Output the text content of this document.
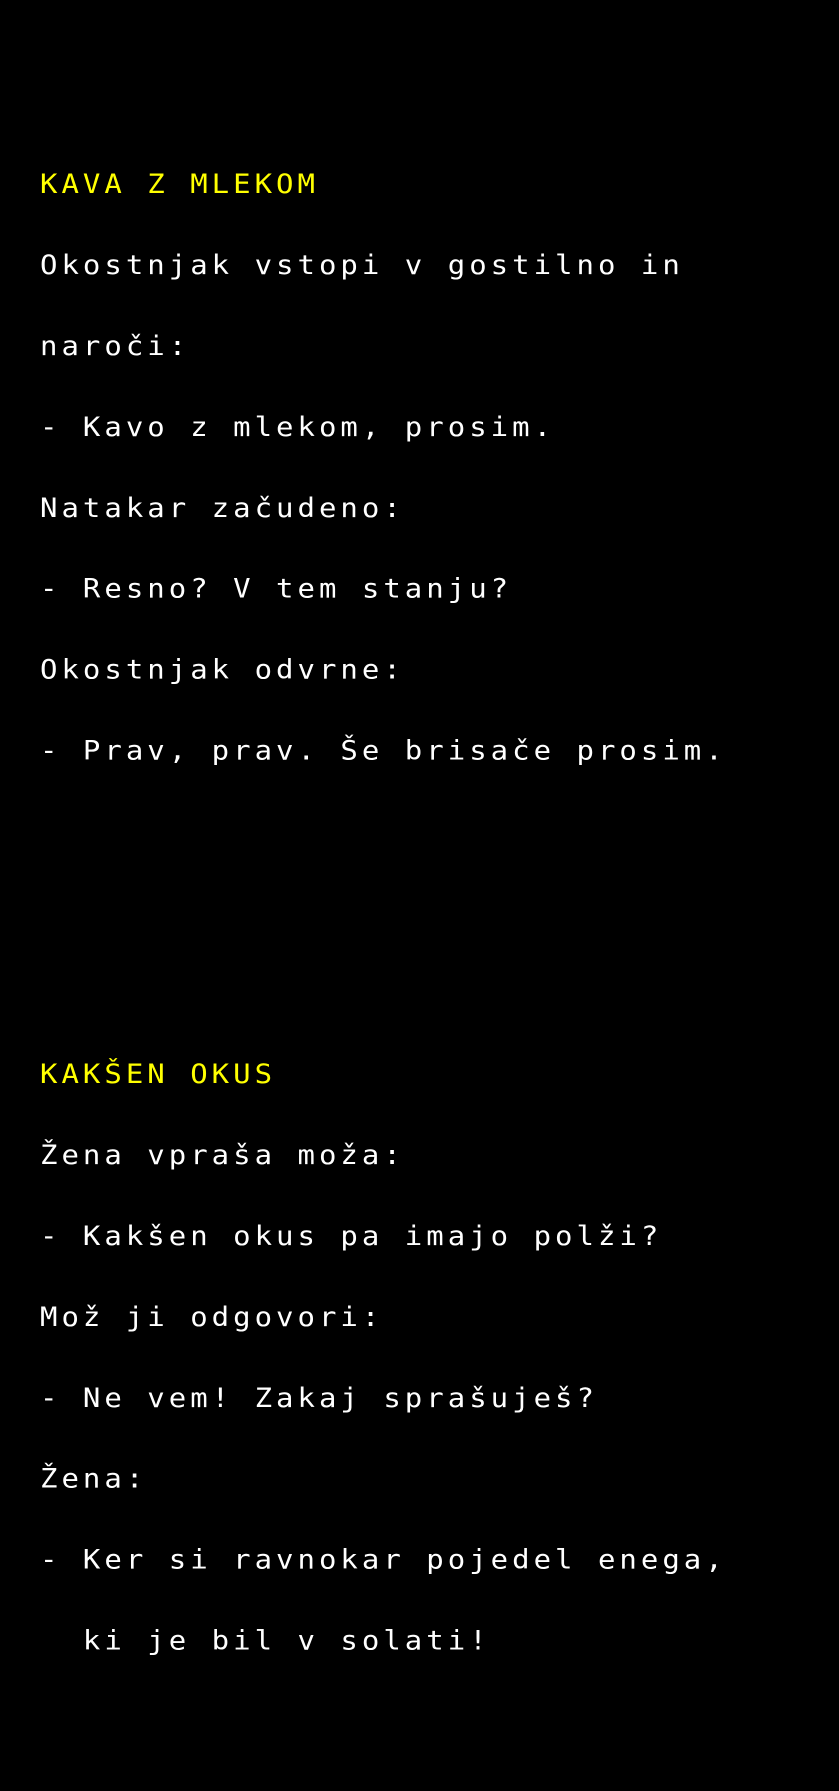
KAVA Z MLEKOM

Okostnjak vstopi v gostilno in

naroči:

- Kavo z mlekom, prosim.

Natakar začudeno:

- Resno? V tem stanju?

Okostnjak odvrne:

- Prav, prav. Še brisače prosim.

KAKŠEN OKUS

Žena vpraša moža:

- Kakšen okus pa imajo polži?

Mož ji odgovori:

- Ne vem! Zakaj sprašuješ?

Žena:

- Ker si ravnokar pojedel enega,

ki je bil v solati!
